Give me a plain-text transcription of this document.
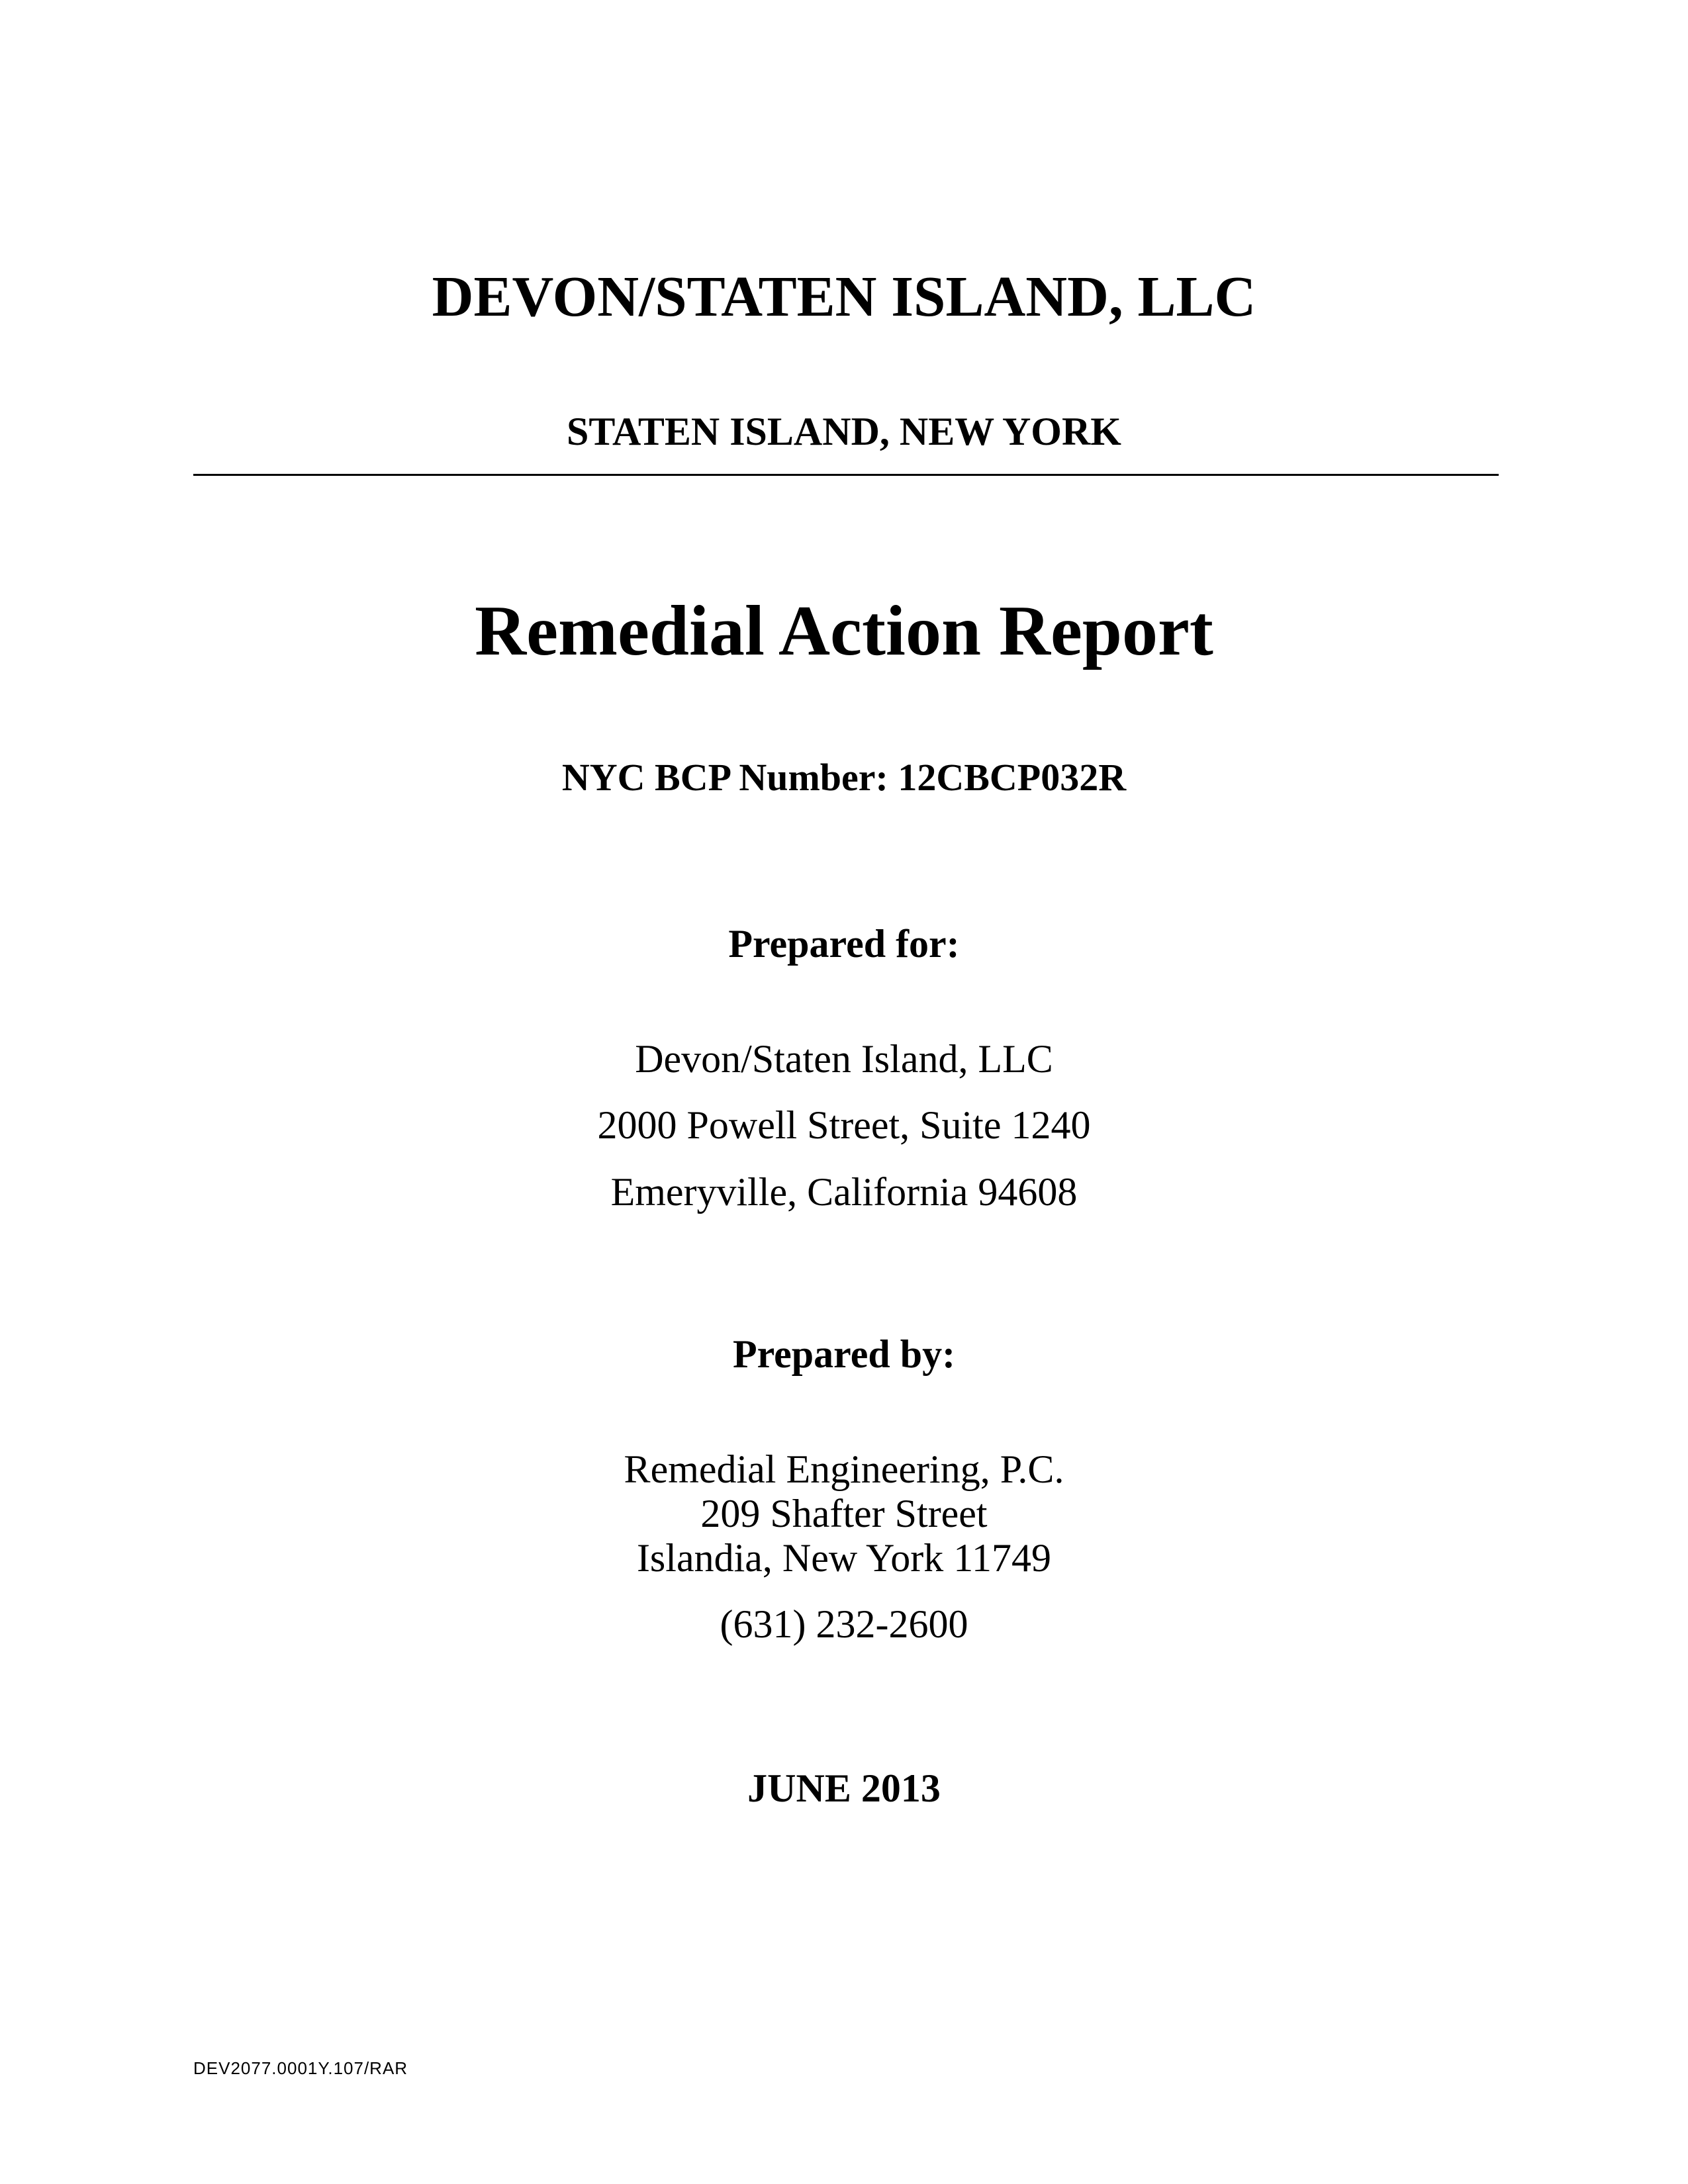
DEVON/STATEN ISLAND, LLC
STATEN ISLAND, NEW YORK
Remedial Action Report
NYC BCP Number: 12CBCP032R
Prepared for:
Devon/Staten Island, LLC
2000 Powell Street, Suite 1240
Emeryville, California 94608
Prepared by:
Remedial Engineering, P.C.
209 Shafter Street
Islandia, New York 11749
(631) 232-2600
JUNE 2013
DEV2077.0001Y.107/RAR
